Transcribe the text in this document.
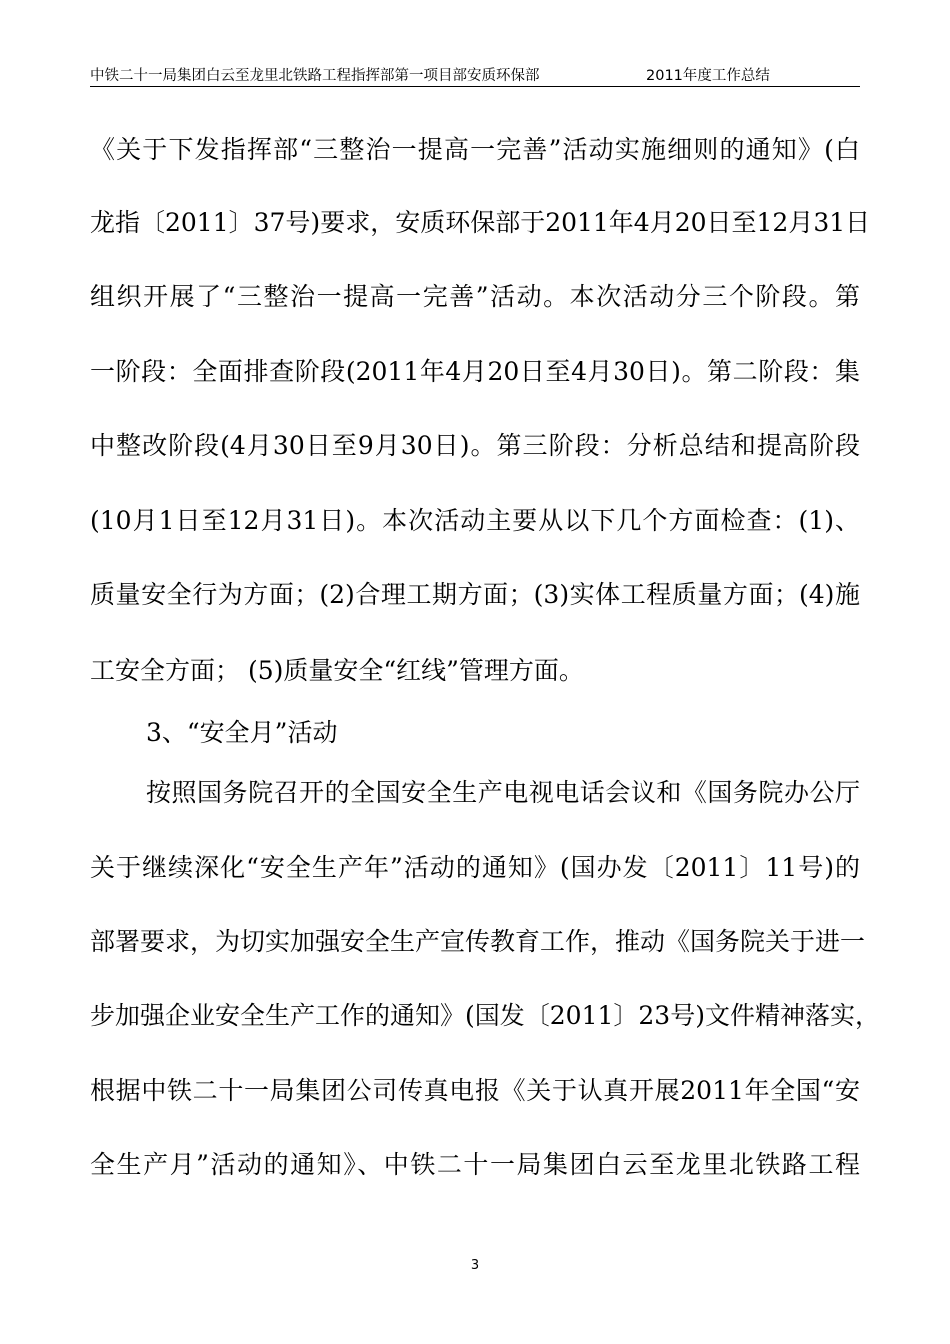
中铁二十一局集团白云至龙里北铁路工程指挥部第一项目部安质环保部	2011年度工作总结
《关于下发指挥部“三整治一提高一完善”活动实施细则的通知》(白
龙指〔2011〕37号)要求，安质环保部于2011年4月20日至12月31日
组织开展了“三整治一提高一完善”活动。本次活动分三个阶段。第
一阶段：全面排查阶段(2011年4月20日至4月30日)。第二阶段：集
中整改阶段(4月30日至9月30日)。第三阶段：分析总结和提高阶段
(10月1日至12月31日)。本次活动主要从以下几个方面检查：(1)、
质量安全行为方面；(2)合理工期方面；(3)实体工程质量方面；(4)施
工安全方面； (5)质量安全“红线”管理方面。
3、“安全月”活动
按照国务院召开的全国安全生产电视电话会议和《国务院办公厅
关于继续深化“安全生产年”活动的通知》(国办发〔2011〕11号)的
部署要求，为切实加强安全生产宣传教育工作，推动《国务院关于进一
步加强企业安全生产工作的通知》(国发〔2011〕23号)文件精神落实，
根据中铁二十一局集团公司传真电报《关于认真开展2011年全国“安
全生产月”活动的通知》、中铁二十一局集团白云至龙里北铁路工程
3
